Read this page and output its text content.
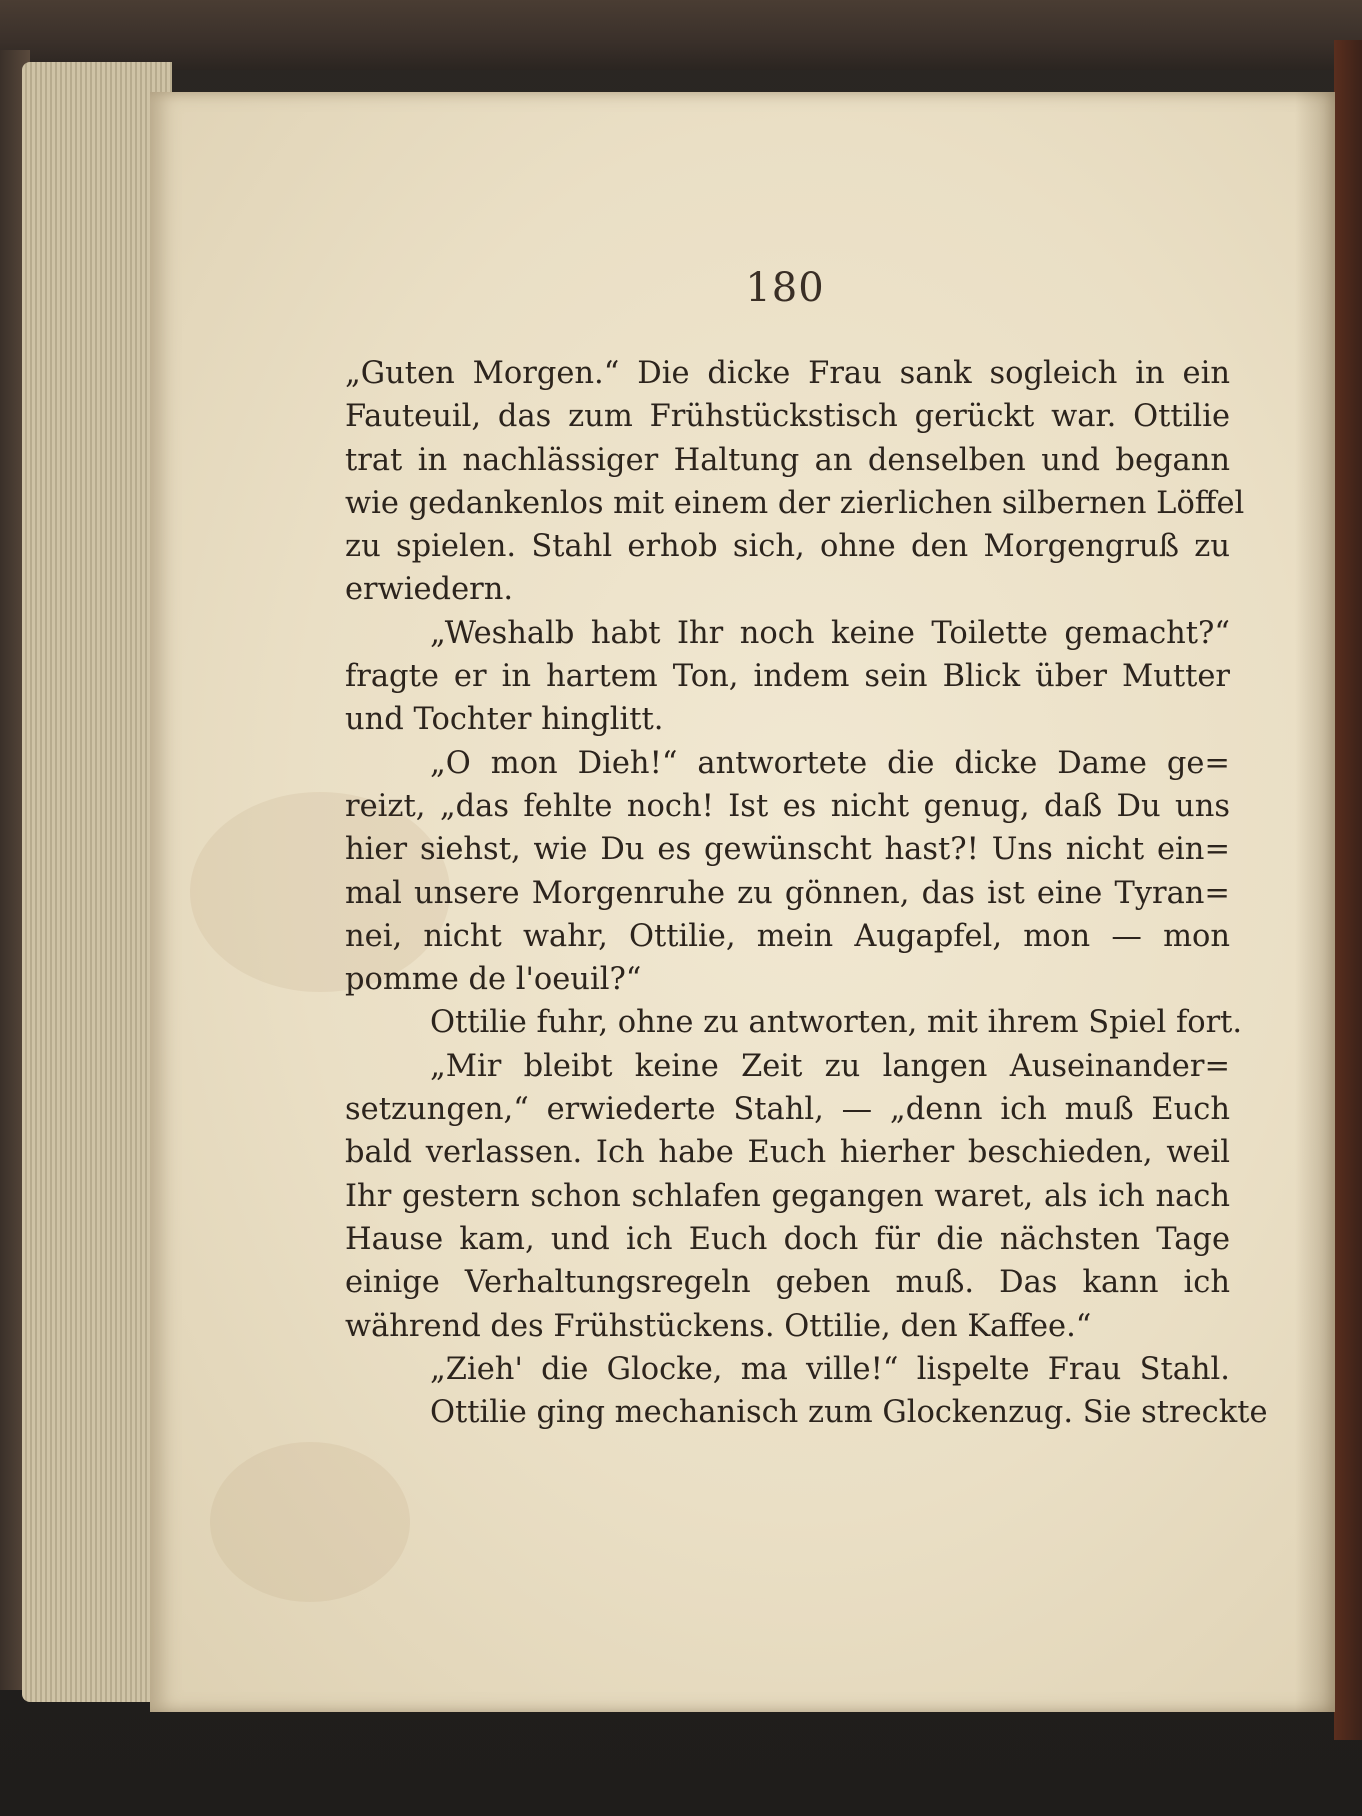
180
„Guten Morgen.“ Die dicke Frau sank sogleich in ein
Fauteuil, das zum Frühstückstisch gerückt war. Ottilie
trat in nachlässiger Haltung an denselben und begann
wie gedankenlos mit einem der zierlichen silbernen Löffel
zu spielen. Stahl erhob sich, ohne den Morgengruß zu
erwiedern.
„Weshalb habt Ihr noch keine Toilette gemacht?“
fragte er in hartem Ton, indem sein Blick über Mutter
und Tochter hinglitt.
„O mon Dieh!“ antwortete die dicke Dame ge=
reizt, „das fehlte noch! Ist es nicht genug, daß Du uns
hier siehst, wie Du es gewünscht hast?! Uns nicht ein=
mal unsere Morgenruhe zu gönnen, das ist eine Tyran=
nei, nicht wahr, Ottilie, mein Augapfel, mon — mon
pomme de l'oeuil?“
Ottilie fuhr, ohne zu antworten, mit ihrem Spiel fort.
„Mir bleibt keine Zeit zu langen Auseinander=
setzungen,“ erwiederte Stahl, — „denn ich muß Euch
bald verlassen. Ich habe Euch hierher beschieden, weil
Ihr gestern schon schlafen gegangen waret, als ich nach
Hause kam, und ich Euch doch für die nächsten Tage
einige Verhaltungsregeln geben muß. Das kann ich
während des Frühstückens. Ottilie, den Kaffee.“
„Zieh' die Glocke, ma ville!“ lispelte Frau Stahl.
Ottilie ging mechanisch zum Glockenzug. Sie streckte
